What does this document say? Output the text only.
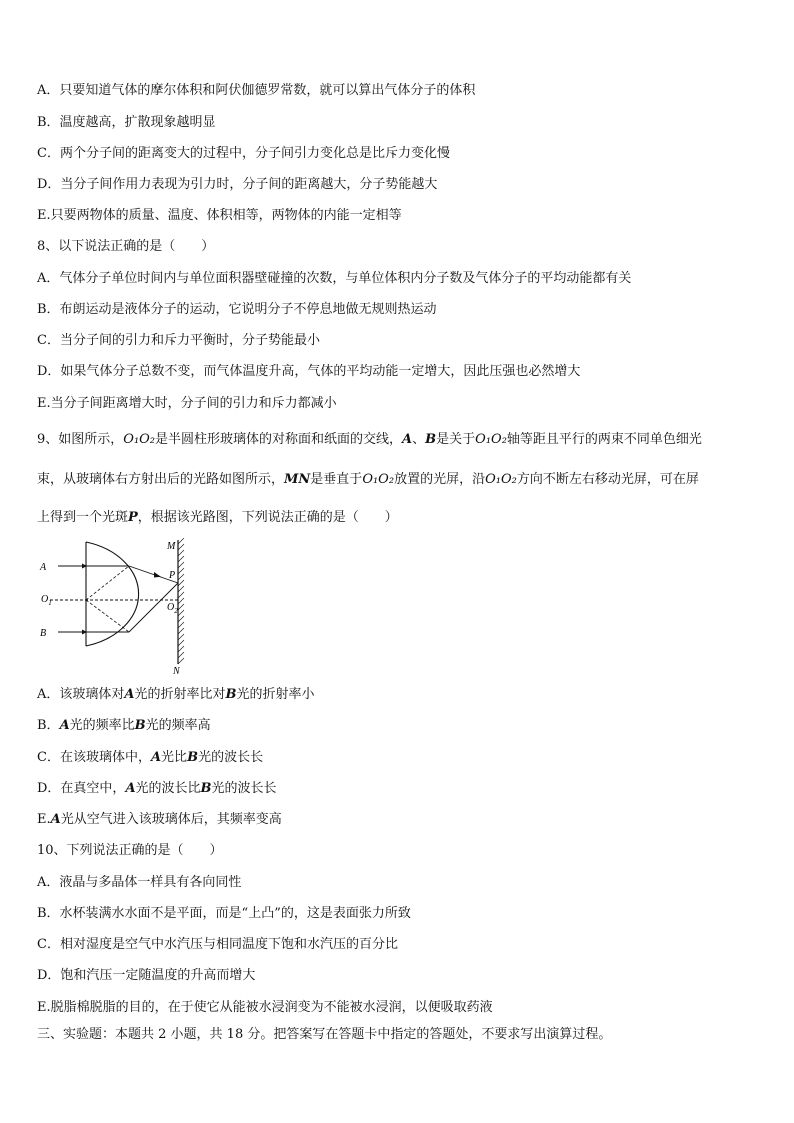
A．只要知道气体的摩尔体积和阿伏伽德罗常数，就可以算出气体分子的体积
B．温度越高，扩散现象越明显
C．两个分子间的距离变大的过程中，分子间引力变化总是比斥力变化慢
D．当分子间作用力表现为引力时，分子间的距离越大，分子势能越大
E.只要两物体的质量、温度、体积相等，两物体的内能一定相等
8、以下说法正确的是（　　）
A．气体分子单位时间内与单位面积器壁碰撞的次数，与单位体积内分子数及气体分子的平均动能都有关
B．布朗运动是液体分子的运动，它说明分子不停息地做无规则热运动
C．当分子间的引力和斥力平衡时，分子势能最小
D．如果气体分子总数不变，而气体温度升高，气体的平均动能一定增大，因此压强也必然增大
E.当分子间距离增大时，分子间的引力和斥力都减小
9、如图所示，O₁O₂是半圆柱形玻璃体的对称面和纸面的交线，A、B是关于O₁O₂轴等距且平行的两束不同单色细光
束，从玻璃体右方射出后的光路如图所示，MN是垂直于O₁O₂放置的光屏，沿O₁O₂方向不断左右移动光屏，可在屏
上得到一个光斑P，根据该光路图，下列说法正确的是（　　）
A
B
$O_1$	$O_2$
M
N
P
A．该玻璃体对A光的折射率比对B光的折射率小
B．A光的频率比B光的频率高
C．在该玻璃体中，A光比B光的波长长
D．在真空中，A光的波长比B光的波长长
E.A光从空气进入该玻璃体后，其频率变高
10、下列说法正确的是（　　）
A．液晶与多晶体一样具有各向同性
B．水杯装满水水面不是平面，而是“上凸”的，这是表面张力所致
C．相对湿度是空气中水汽压与相同温度下饱和水汽压的百分比
D．饱和汽压一定随温度的升高而增大
E.脱脂棉脱脂的目的，在于使它从能被水浸润变为不能被水浸润，以便吸取药液
三、实验题：本题共 2 小题，共 18 分。把答案写在答题卡中指定的答题处，不要求写出演算过程。
